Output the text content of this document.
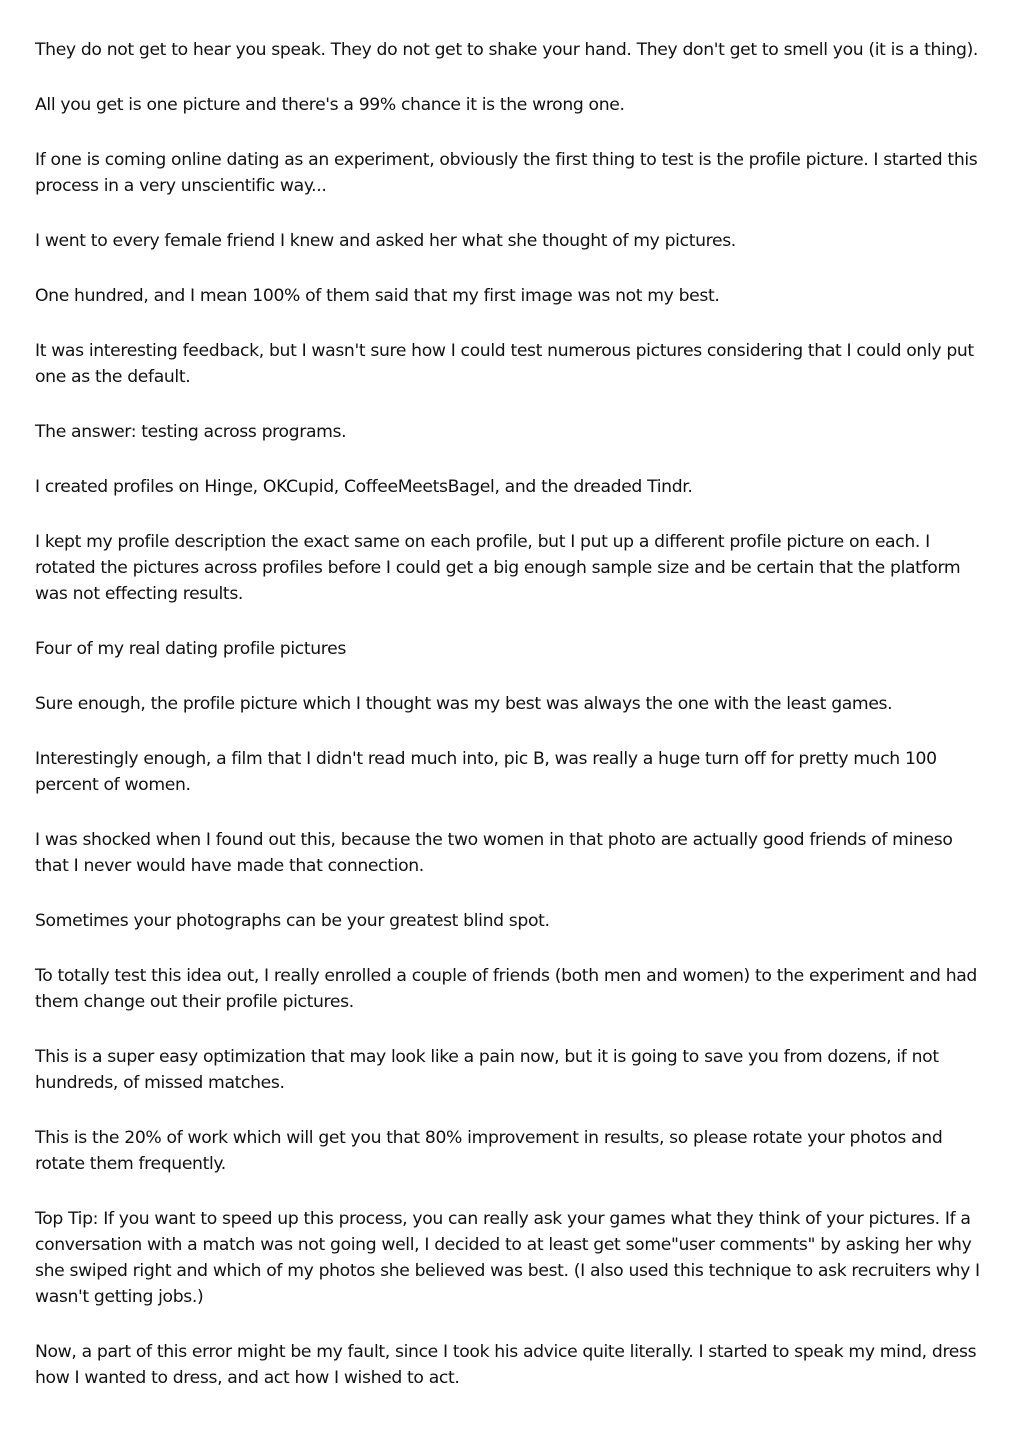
They do not get to hear you speak. They do not get to shake your hand. They don't get to smell you (it is a thing).

All you get is one picture and there's a 99% chance it is the wrong one.

If one is coming online dating as an experiment, obviously the first thing to test is the profile picture. I started this process in a very unscientific way...

I went to every female friend I knew and asked her what she thought of my pictures.

One hundred, and I mean 100% of them said that my first image was not my best.

It was interesting feedback, but I wasn't sure how I could test numerous pictures considering that I could only put one as the default.

The answer: testing across programs.

I created profiles on Hinge, OKCupid, CoffeeMeetsBagel, and the dreaded Tindr.

I kept my profile description the exact same on each profile, but I put up a different profile picture on each. I rotated the pictures across profiles before I could get a big enough sample size and be certain that the platform was not effecting results.

Four of my real dating profile pictures

Sure enough, the profile picture which I thought was my best was always the one with the least games.

Interestingly enough, a film that I didn't read much into, pic B, was really a huge turn off for pretty much 100 percent of women.

I was shocked when I found out this, because the two women in that photo are actually good friends of mineso that I never would have made that connection.

Sometimes your photographs can be your greatest blind spot.

To totally test this idea out, I really enrolled a couple of friends (both men and women) to the experiment and had them change out their profile pictures.

This is a super easy optimization that may look like a pain now, but it is going to save you from dozens, if not hundreds, of missed matches.

This is the 20% of work which will get you that 80% improvement in results, so please rotate your photos and rotate them frequently.

Top Tip: If you want to speed up this process, you can really ask your games what they think of your pictures. If a conversation with a match was not going well, I decided to at least get some"user comments" by asking her why she swiped right and which of my photos she believed was best. (I also used this technique to ask recruiters why I wasn't getting jobs.)

Now, a part of this error might be my fault, since I took his advice quite literally. I started to speak my mind, dress how I wanted to dress, and act how I wished to act.
